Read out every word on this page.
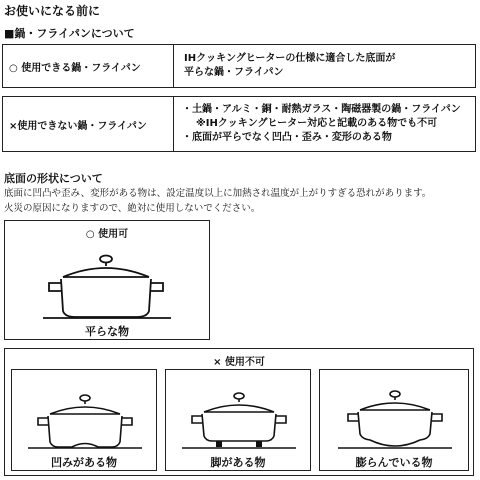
お使いになる前に
■鍋・フライパンについて
○ 使用できる鍋・フライパン
IHクッキングヒーターの仕様に適合した底面が
平らな鍋・フライパン
×使用できない鍋・フライパン
・土鍋・アルミ・銅・耐熱ガラス・陶磁器製の鍋・フライパン
※IHクッキングヒーター対応と記載のある物でも不可
・底面が平らでなく凹凸・歪み・変形のある物
底面の形状について
底面に凹凸や歪み、変形がある物は、設定温度以上に加熱され温度が上がりすぎる恐れがあります。
火災の原因になりますので、絶対に使用しないでください。
○ 使用可
平らな物
× 使用不可
凹みがある物	脚がある物	膨らんでいる物
